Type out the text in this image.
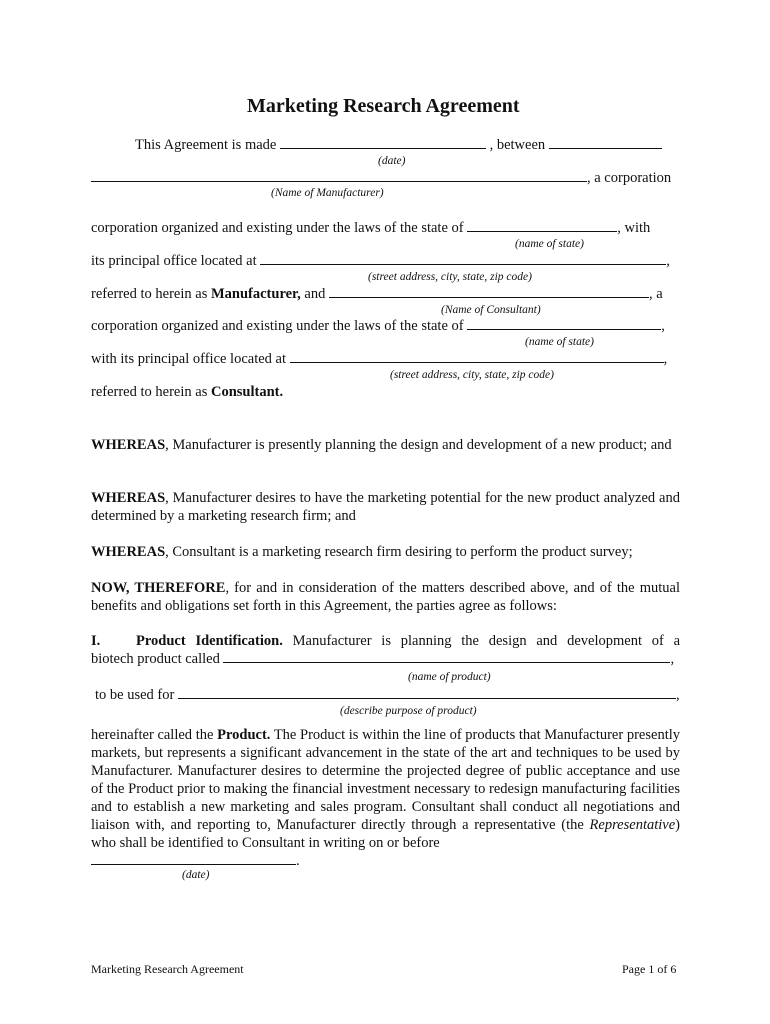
Marketing Research Agreement
This Agreement is made	, between
(date)
, a corporation
(Name of Manufacturer)
corporation organized and existing under the laws of the state of	, with
(name of state)
its principal office located at	,
(street address, city, state, zip code)
referred to herein as Manufacturer, and	, a
(Name of Consultant)
corporation organized and existing under the laws of the state of	,
(name of state)
with its principal office located at	,
(street address, city, state, zip code)
referred to herein as Consultant.
WHEREAS, Manufacturer is presently planning the design and development of a new product; and
WHEREAS, Manufacturer desires to have the marketing potential for the new product analyzed and determined by a marketing research firm; and
WHEREAS, Consultant is a marketing research firm desiring to perform the product survey;
NOW, THEREFORE, for and in consideration of the matters described above, and of the mutual benefits and obligations set forth in this Agreement, the parties agree as follows:
I. Product Identification. Manufacturer is planning the design and development of a
biotech product called	,
(name of product)
to be used for	,
(describe purpose of product)
hereinafter called the Product. The Product is within the line of products that Manufacturer presently markets, but represents a significant advancement in the state of the art and techniques to be used by Manufacturer. Manufacturer desires to determine the projected degree of public acceptance and use of the Product prior to making the financial investment necessary to redesign manufacturing facilities and to establish a new marketing and sales program. Consultant shall conduct all negotiations and liaison with, and reporting to, Manufacturer directly through a representative (the Representative) who shall be identified to Consultant in writing on or before
.
(date)
Marketing Research Agreement	Page 1 of 6
